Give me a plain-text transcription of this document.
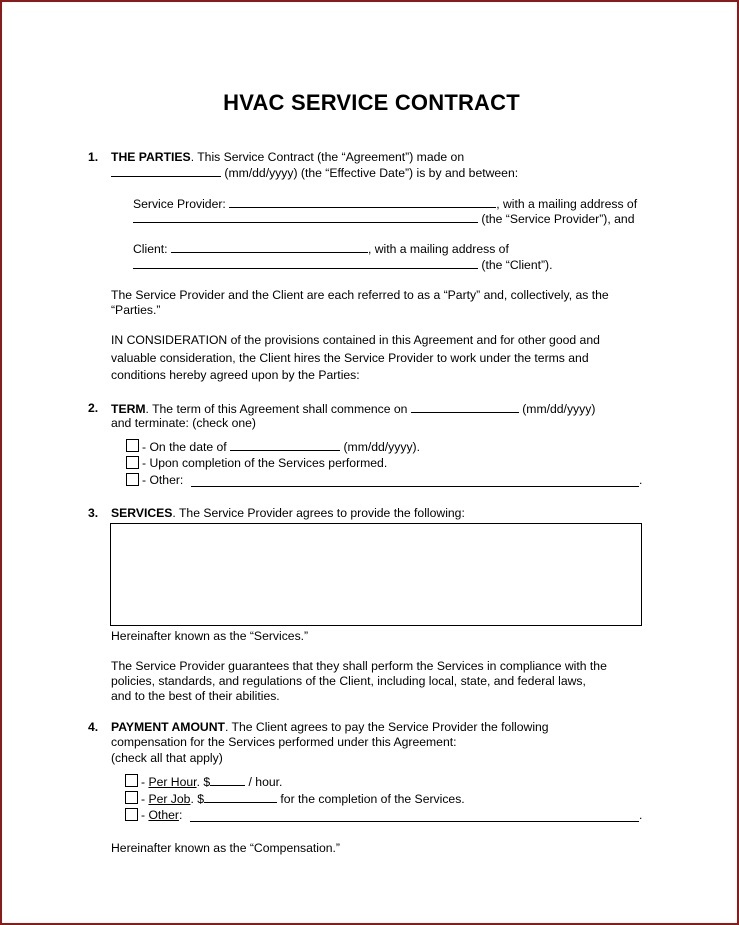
HVAC SERVICE CONTRACT
1. THE PARTIES. This Service Contract (the “Agreement”) made on
(mm/dd/yyyy) (the “Effective Date”) is by and between:
Service Provider:	, with a mailing address of
(the “Service Provider”), and
Client:	, with a mailing address of
(the “Client”).
The Service Provider and the Client are each referred to as a “Party” and, collectively, as the
“Parties.”
IN CONSIDERATION of the provisions contained in this Agreement and for other good and
valuable consideration, the Client hires the Service Provider to work under the terms and
conditions hereby agreed upon by the Parties:
2. TERM. The term of this Agreement shall commence on	(mm/dd/yyyy)
and terminate: (check one)
- On the date of	(mm/dd/yyyy).
- Upon completion of the Services performed.
- Other:	.
3. SERVICES. The Service Provider agrees to provide the following:
Hereinafter known as the “Services.”
The Service Provider guarantees that they shall perform the Services in compliance with the
policies, standards, and regulations of the Client, including local, state, and federal laws,
and to the best of their abilities.
4. PAYMENT AMOUNT. The Client agrees to pay the Service Provider the following
compensation for the Services performed under this Agreement:
(check all that apply)
- Per Hour. $	/ hour.
- Per Job. $	for the completion of the Services.
- Other:	.
Hereinafter known as the “Compensation.”
